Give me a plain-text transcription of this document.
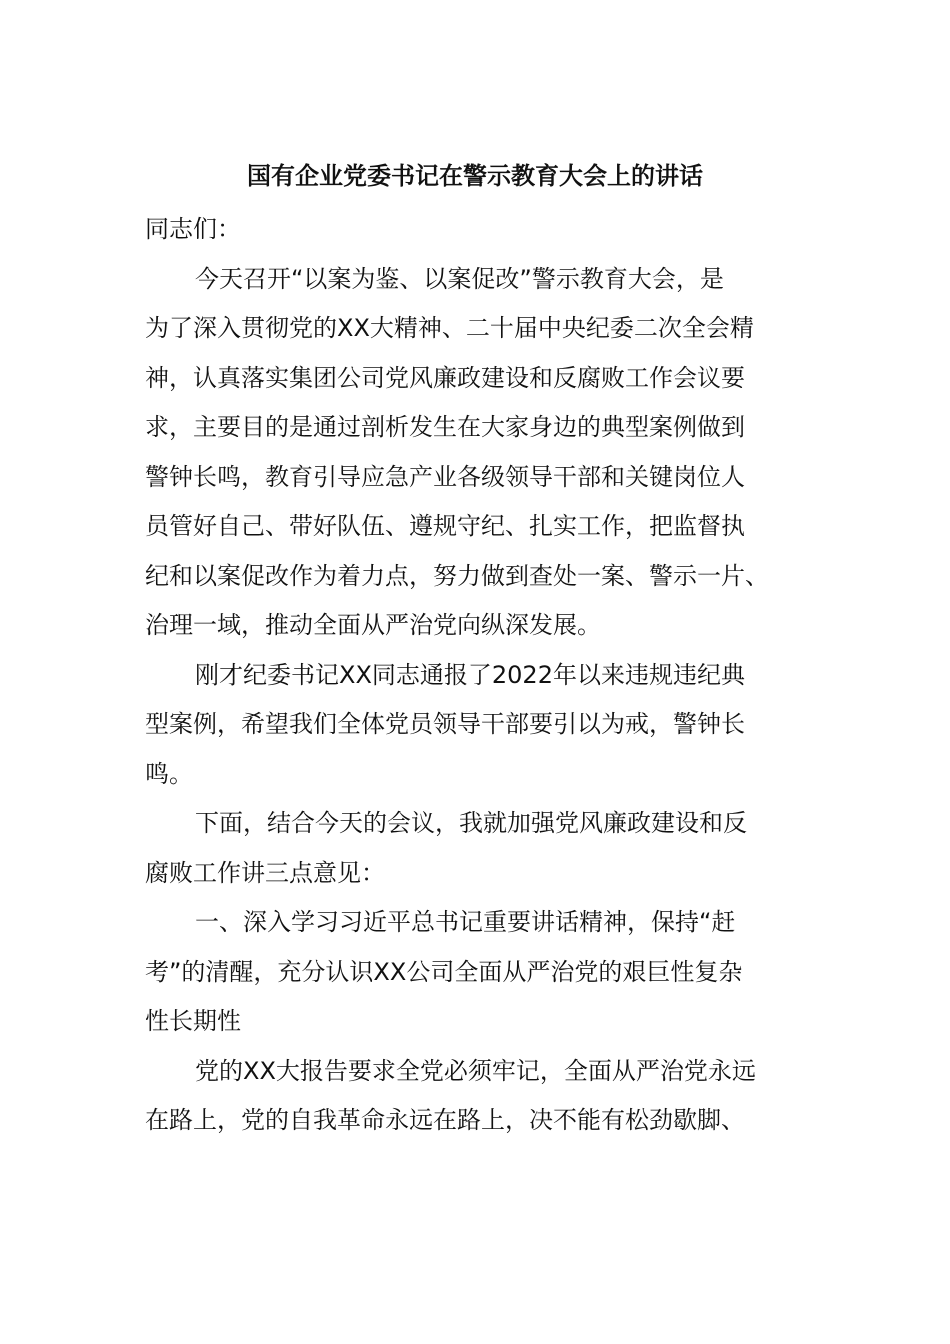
国有企业党委书记在警示教育大会上的讲话
同志们：
今天召开“以案为鉴、以案促改”警示教育大会，是
为了深入贯彻党的XX大精神、二十届中央纪委二次全会精
神，认真落实集团公司党风廉政建设和反腐败工作会议要
求，主要目的是通过剖析发生在大家身边的典型案例做到
警钟长鸣，教育引导应急产业各级领导干部和关键岗位人
员管好自己、带好队伍、遵规守纪、扎实工作，把监督执
纪和以案促改作为着力点，努力做到查处一案、警示一片、
治理一域，推动全面从严治党向纵深发展。
刚才纪委书记XX同志通报了2022年以来违规违纪典
型案例，希望我们全体党员领导干部要引以为戒，警钟长
鸣。
下面，结合今天的会议，我就加强党风廉政建设和反
腐败工作讲三点意见：
一、深入学习习近平总书记重要讲话精神，保持“赶
考”的清醒，充分认识XX公司全面从严治党的艰巨性复杂
性长期性
党的XX大报告要求全党必须牢记，全面从严治党永远
在路上，党的自我革命永远在路上，决不能有松劲歇脚、
